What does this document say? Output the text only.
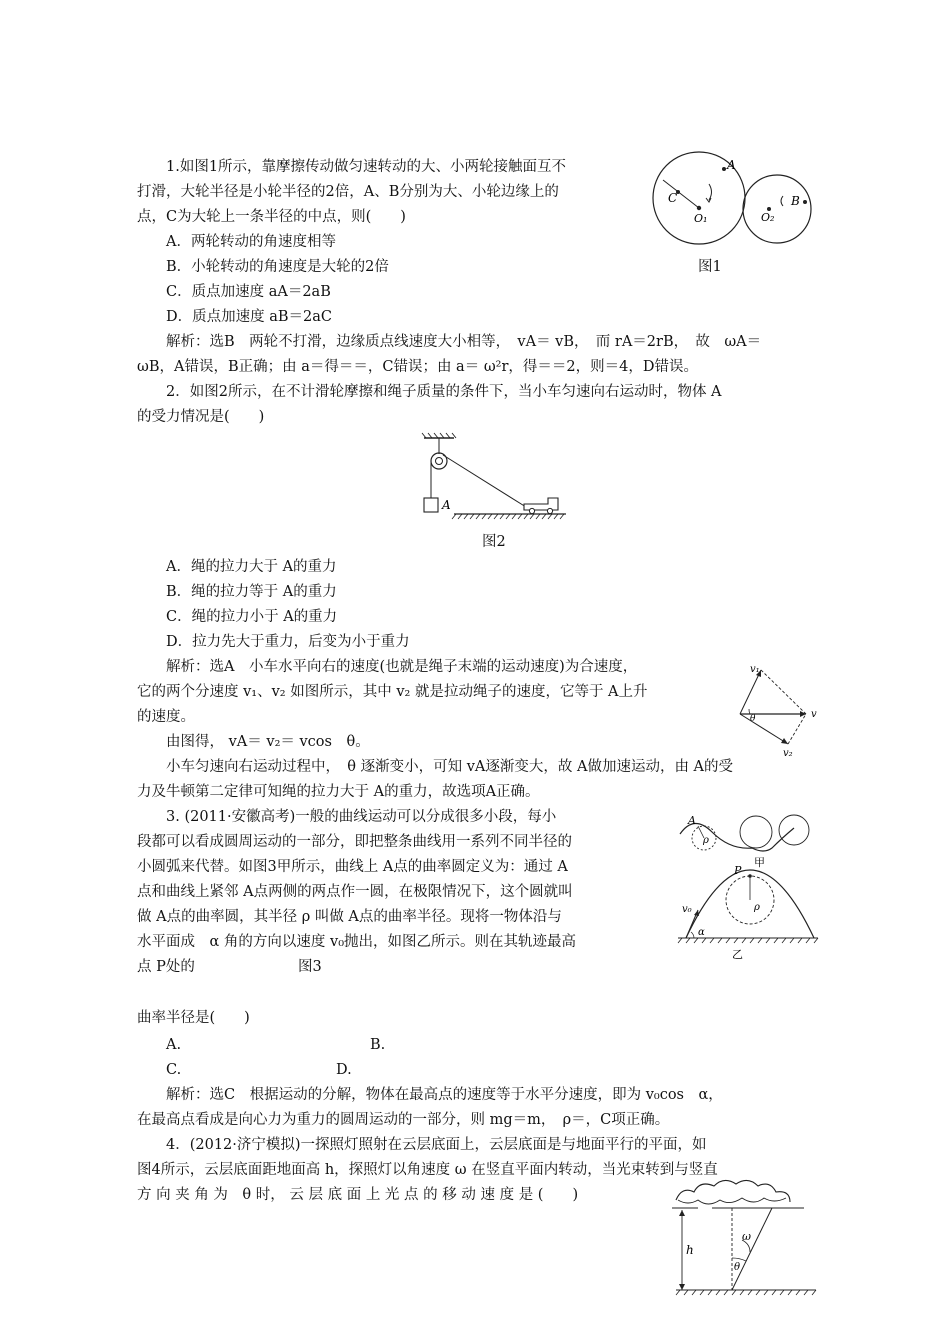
1.如图1所示，靠摩擦传动做匀速转动的大、小两轮接触面互不
打滑，大轮半径是小轮半径的2倍，A、B分别为大、小轮边缘上的
点，C为大轮上一条半径的中点，则(　　)
A．两轮转动的角速度相等
B．小轮转动的角速度是大轮的2倍
C．质点加速度 aA＝2aB
D．质点加速度 aB＝2aC
解析：选B　两轮不打滑，边缘质点线速度大小相等，　vA＝ vB，　而 rA＝2rB，　故　ωA＝
ωB，A错误，B正确；由 a＝得＝＝，C错误；由 a＝ ω²r，得＝＝2，则＝4，D错误。
A
B
C
O₁	O₂
图1
2．如图2所示，在不计滑轮摩擦和绳子质量的条件下，当小车匀速向右运动时，物体 A
的受力情况是(　　)
A
图2
A．绳的拉力大于 A的重力
B．绳的拉力等于 A的重力
C．绳的拉力小于 A的重力
D．拉力先大于重力，后变为小于重力
解析：选A　小车水平向右的速度(也就是绳子末端的运动速度)为合速度，
它的两个分速度 v₁、v₂ 如图所示，其中 v₂ 就是拉动绳子的速度，它等于 A上升
的速度。
由图得， vA＝ v₂＝ vcos　θ。
小车匀速向右运动过程中，　θ 逐渐变小，可知 vA逐渐变大，故 A做加速运动，由 A的受
力及牛顿第二定律可知绳的拉力大于 A的重力，故选项A正确。
v₁
v₂
v
θ
3. (2011·安徽高考)一般的曲线运动可以分成很多小段，每小
段都可以看成圆周运动的一部分，即把整条曲线用一系列不同半径的
小圆弧来代替。如图3甲所示，曲线上 A点的曲率圆定义为：通过 A
点和曲线上紧邻 A点两侧的两点作一圆，在极限情况下，这个圆就叫
做 A点的曲率圆，其半径 ρ 叫做 A点的曲率半径。现将一物体沿与
水平面成　α 角的方向以速度 v₀抛出，如图乙所示。则在其轨迹最高
点 P处的	图3
A
ρ
甲
P
ρ
v₀
α
乙
曲率半径是(　　)
A.	B.
C.	D.
解析：选C　根据运动的分解，物体在最高点的速度等于水平分速度，即为 v₀cos　α，
在最高点看成是向心力为重力的圆周运动的一部分，则 mg＝m，　ρ＝，C项正确。
4．(2012·济宁模拟)一探照灯照射在云层底面上，云层底面是与地面平行的平面，如
图4所示，云层底面距地面高 h，探照灯以角速度 ω 在竖直平面内转动，当光束转到与竖直
方 向 夹 角 为　θ 时， 云 层 底 面 上 光 点 的 移 动 速 度 是 (　　)
h
ω
θ
